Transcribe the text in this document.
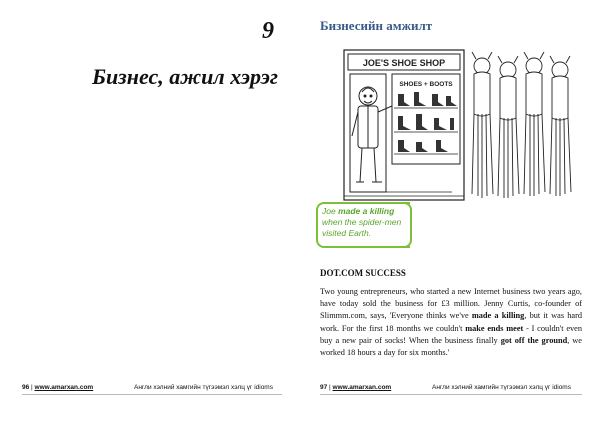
9
Бизнес, ажил хэрэг
96 | www.amarxan.com	Англи хэлний хамгийн түгээмэл хэлц үг idioms
Бизнесийн амжилт
JOE'S SHOE SHOP
SHOES + BOOTS
Joe made a killing when the spider-men visited Earth.
DOT.COM SUCCESS
Two young entrepreneurs, who started a new Internet business two years ago, have today sold the business for £3 million. Jenny Curtis, co-founder of Slimmm.com, says, 'Everyone thinks we've made a killing, but it was hard work. For the first 18 months we couldn't make ends meet - I couldn't even buy a new pair of socks! When the business finally got off the ground, we worked 18 hours a day for six months.'
97 | www.amarxan.com	Англи хэлний хамгийн түгээмэл хэлц үг idioms
